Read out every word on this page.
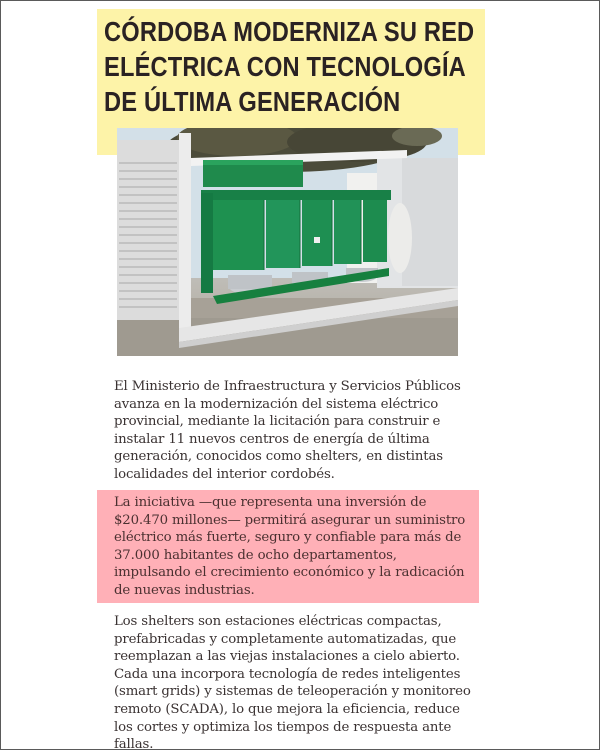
CÓRDOBA MODERNIZA SU RED
ELÉCTRICA CON TECNOLOGÍA
DE ÚLTIMA GENERACIÓN

El Ministerio de Infraestructura y Servicios Públicos
avanza en la modernización del sistema eléctrico
provincial, mediante la licitación para construir e
instalar 11 nuevos centros de energía de última
generación, conocidos como shelters, en distintas
localidades del interior cordobés.

La iniciativa —que representa una inversión de
$20.470 millones— permitirá asegurar un suministro
eléctrico más fuerte, seguro y confiable para más de
37.000 habitantes de ocho departamentos,
impulsando el crecimiento económico y la radicación
de nuevas industrias.

Los shelters son estaciones eléctricas compactas,
prefabricadas y completamente automatizadas, que
reemplazan a las viejas instalaciones a cielo abierto.
Cada una incorpora tecnología de redes inteligentes
(smart grids) y sistemas de teleoperación y monitoreo
remoto (SCADA), lo que mejora la eficiencia, reduce
los cortes y optimiza los tiempos de respuesta ante
fallas.
